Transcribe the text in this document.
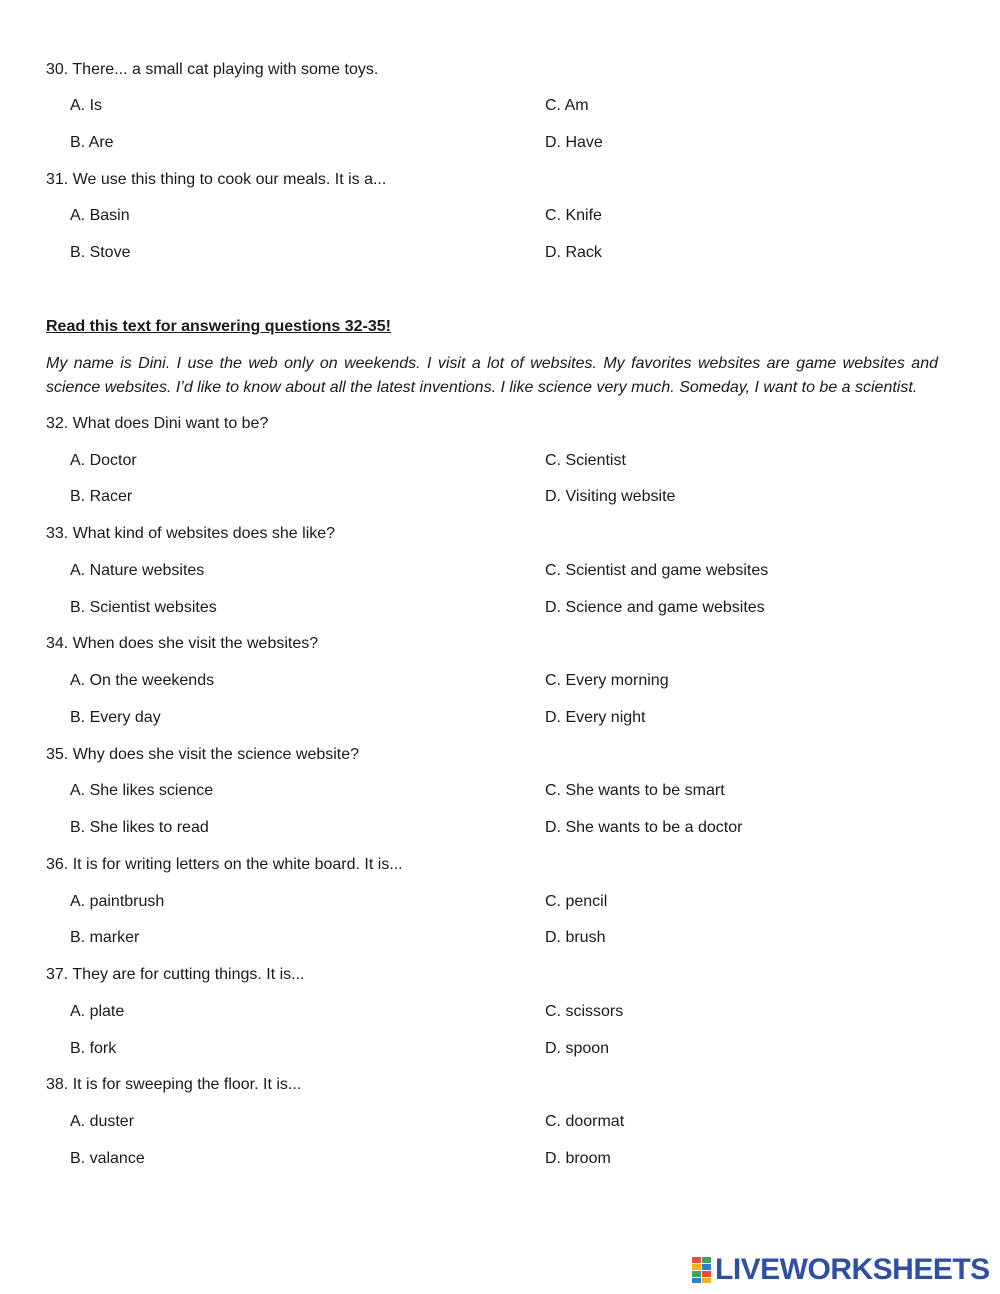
30. There... a small cat playing with some toys.
A. Is	C. Am
B. Are	D. Have
31. We use this thing to cook our meals. It is a...
A. Basin	C. Knife
B. Stove	D. Rack
Read this text for answering questions 32-35!
My name is Dini. I use the web only on weekends. I visit a lot of websites. My favorites websites are game websites and science websites. I’d like to know about all the latest inventions. I like science very much. Someday, I want to be a scientist.
32. What does Dini want to be?
A. Doctor	C. Scientist
B. Racer	D. Visiting website
33. What kind of websites does she like?
A. Nature websites	C. Scientist and game websites
B. Scientist websites	D. Science and game websites
34. When does she visit the websites?
A. On the weekends	C. Every morning
B. Every day	D. Every night
35. Why does she visit the science website?
A. She likes science	C. She wants to be smart
B. She likes to read	D. She wants to be a doctor
36. It is for writing letters on the white board. It is...
A. paintbrush	C. pencil
B. marker	D. brush
37. They are for cutting things. It is...
A. plate	C. scissors
B. fork	D. spoon
38. It is for sweeping the floor. It is...
A. duster	C. doormat
B. valance	D. broom
LIVEWORKSHEETS
